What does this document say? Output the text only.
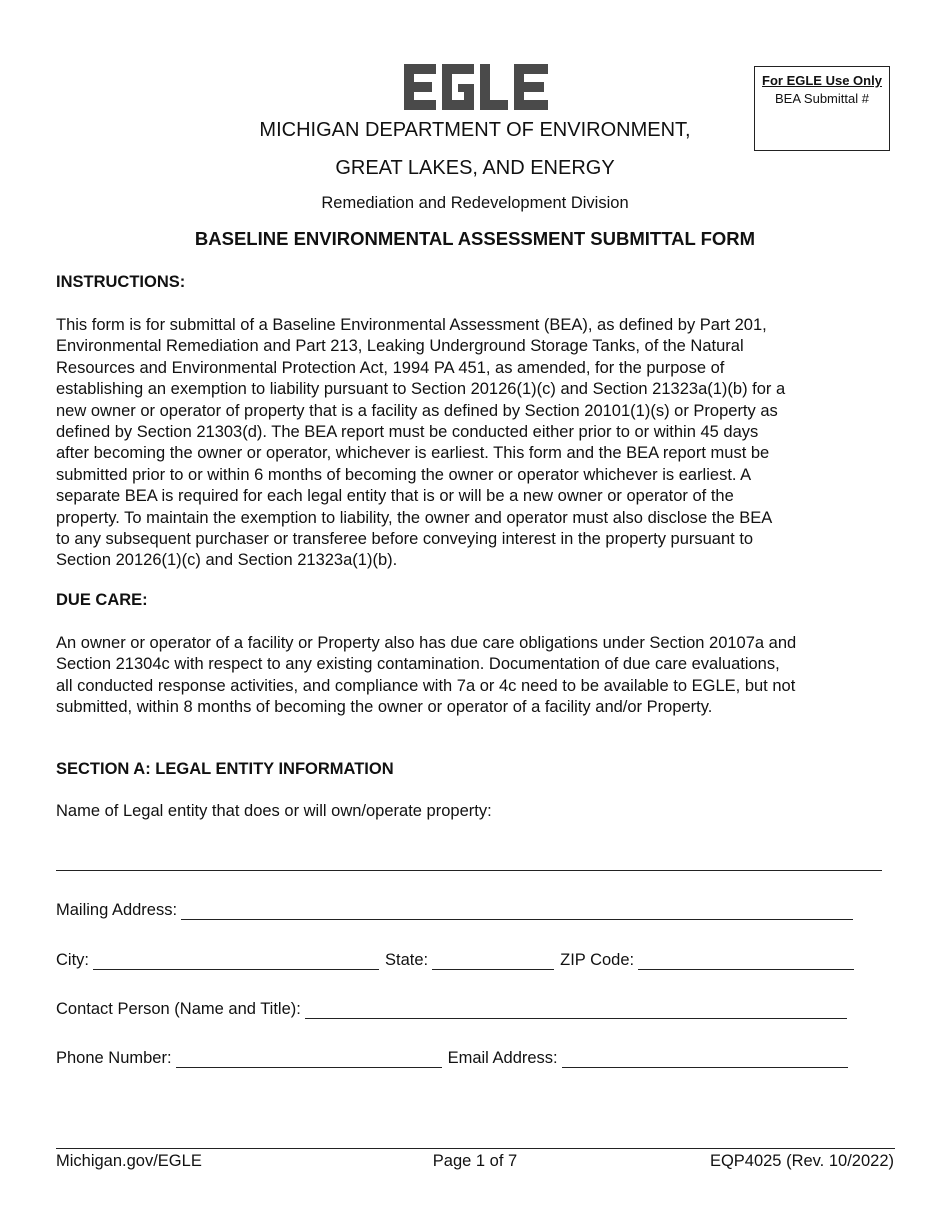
For EGLE Use Only
BEA Submittal #
MICHIGAN DEPARTMENT OF ENVIRONMENT,
GREAT LAKES, AND ENERGY
Remediation and Redevelopment Division
BASELINE ENVIRONMENTAL ASSESSMENT SUBMITTAL FORM
INSTRUCTIONS:
This form is for submittal of a Baseline Environmental Assessment (BEA), as defined by Part 201,
Environmental Remediation and Part 213, Leaking Underground Storage Tanks, of the Natural
Resources and Environmental Protection Act, 1994 PA 451, as amended, for the purpose of
establishing an exemption to liability pursuant to Section 20126(1)(c) and Section 21323a(1)(b) for a
new owner or operator of property that is a facility as defined by Section 20101(1)(s) or Property as
defined by Section 21303(d). The BEA report must be conducted either prior to or within 45 days
after becoming the owner or operator, whichever is earliest. This form and the BEA report must be
submitted prior to or within 6 months of becoming the owner or operator whichever is earliest. A
separate BEA is required for each legal entity that is or will be a new owner or operator of the
property. To maintain the exemption to liability, the owner and operator must also disclose the BEA
to any subsequent purchaser or transferee before conveying interest in the property pursuant to
Section 20126(1)(c) and Section 21323a(1)(b).
DUE CARE:
An owner or operator of a facility or Property also has due care obligations under Section 20107a and
Section 21304c with respect to any existing contamination. Documentation of due care evaluations,
all conducted response activities, and compliance with 7a or 4c need to be available to EGLE, but not
submitted, within 8 months of becoming the owner or operator of a facility and/or Property.
SECTION A: LEGAL ENTITY INFORMATION
Name of Legal entity that does or will own/operate property:
Mailing Address:
City:	State:	ZIP Code:
Contact Person (Name and Title):
Phone Number:	Email Address:
Michigan.gov/EGLE	Page 1 of 7	EQP4025 (Rev. 10/2022)
